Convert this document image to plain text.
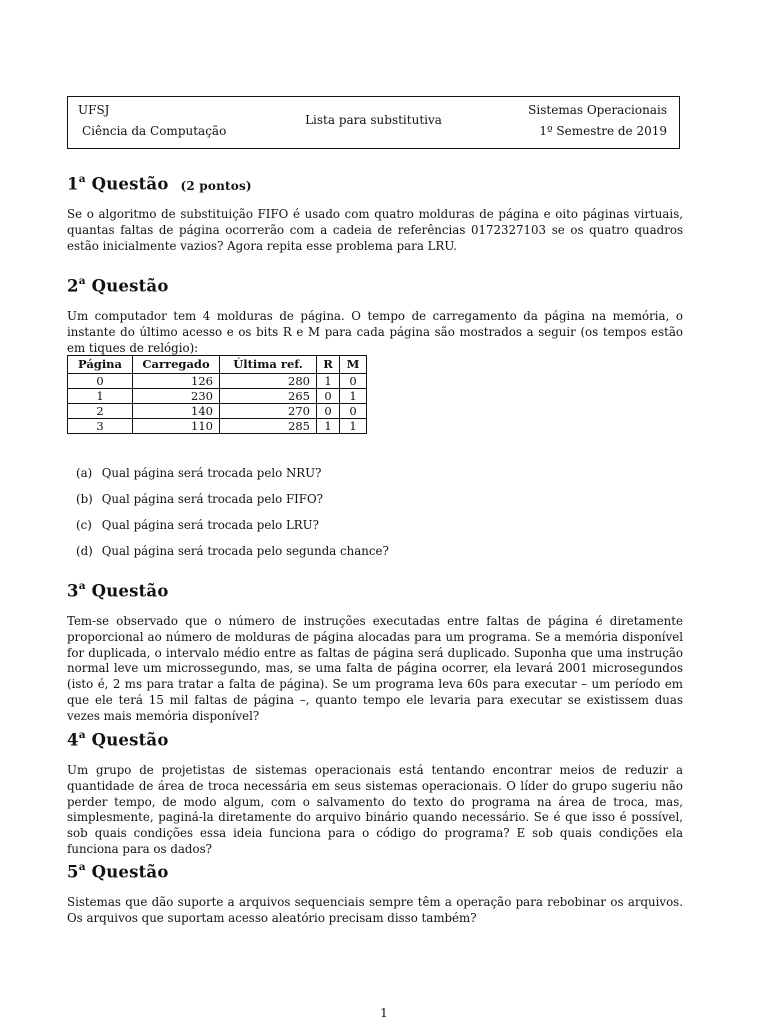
UFSJ
Ciência da Computação
Lista para substitutiva
Sistemas Operacionais
1º Semestre de 2019
1$^a$ Questão (2 pontos)

Se o algoritmo de substituição FIFO é usado com quatro molduras de página e oito páginas virtuais, quantas faltas de página ocorrerão com a cadeia de referências 0172327103 se os quatro quadros estão inicialmente vazios? Agora repita esse problema para LRU.

2$^a$ Questão

Um computador tem 4 molduras de página. O tempo de carregamento da página na memória, o instante do último acesso e os bits R e M para cada página são mostrados a seguir (os tempos estão em tiques de relógio):

Página	Carregado	Última ref.	R	M
0	126	280	1	0
1	230	265	0	1
2	140	270	0	0
3	110	285	1	1
(a) Qual página será trocada pelo NRU?
(b) Qual página será trocada pelo FIFO?
(c) Qual página será trocada pelo LRU?
(d) Qual página será trocada pelo segunda chance?
3$^a$ Questão

Tem-se observado que o número de instruções executadas entre faltas de página é diretamente proporcional ao número de molduras de página alocadas para um programa. Se a memória disponível for duplicada, o intervalo médio entre as faltas de página será duplicado. Suponha que uma instrução normal leve um microssegundo, mas, se uma falta de página ocorrer, ela levará 2001 microsegundos (isto é, 2 ms para tratar a falta de página). Se um programa leva 60s para executar – um período em que ele terá 15 mil faltas de página –, quanto tempo ele levaria para executar se existissem duas vezes mais memória disponível?

4$^a$ Questão

Um grupo de projetistas de sistemas operacionais está tentando encontrar meios de reduzir a quantidade de área de troca necessária em seus sistemas operacionais. O líder do grupo sugeriu não perder tempo, de modo algum, com o salvamento do texto do programa na área de troca, mas, simplesmente, paginá-la diretamente do arquivo binário quando necessário. Se é que isso é possível, sob quais condições essa ideia funciona para o código do programa? E sob quais condições ela funciona para os dados?

5$^a$ Questão

Sistemas que dão suporte a arquivos sequenciais sempre têm a operação para rebobinar os arquivos. Os arquivos que suportam acesso aleatório precisam disso também?

1
